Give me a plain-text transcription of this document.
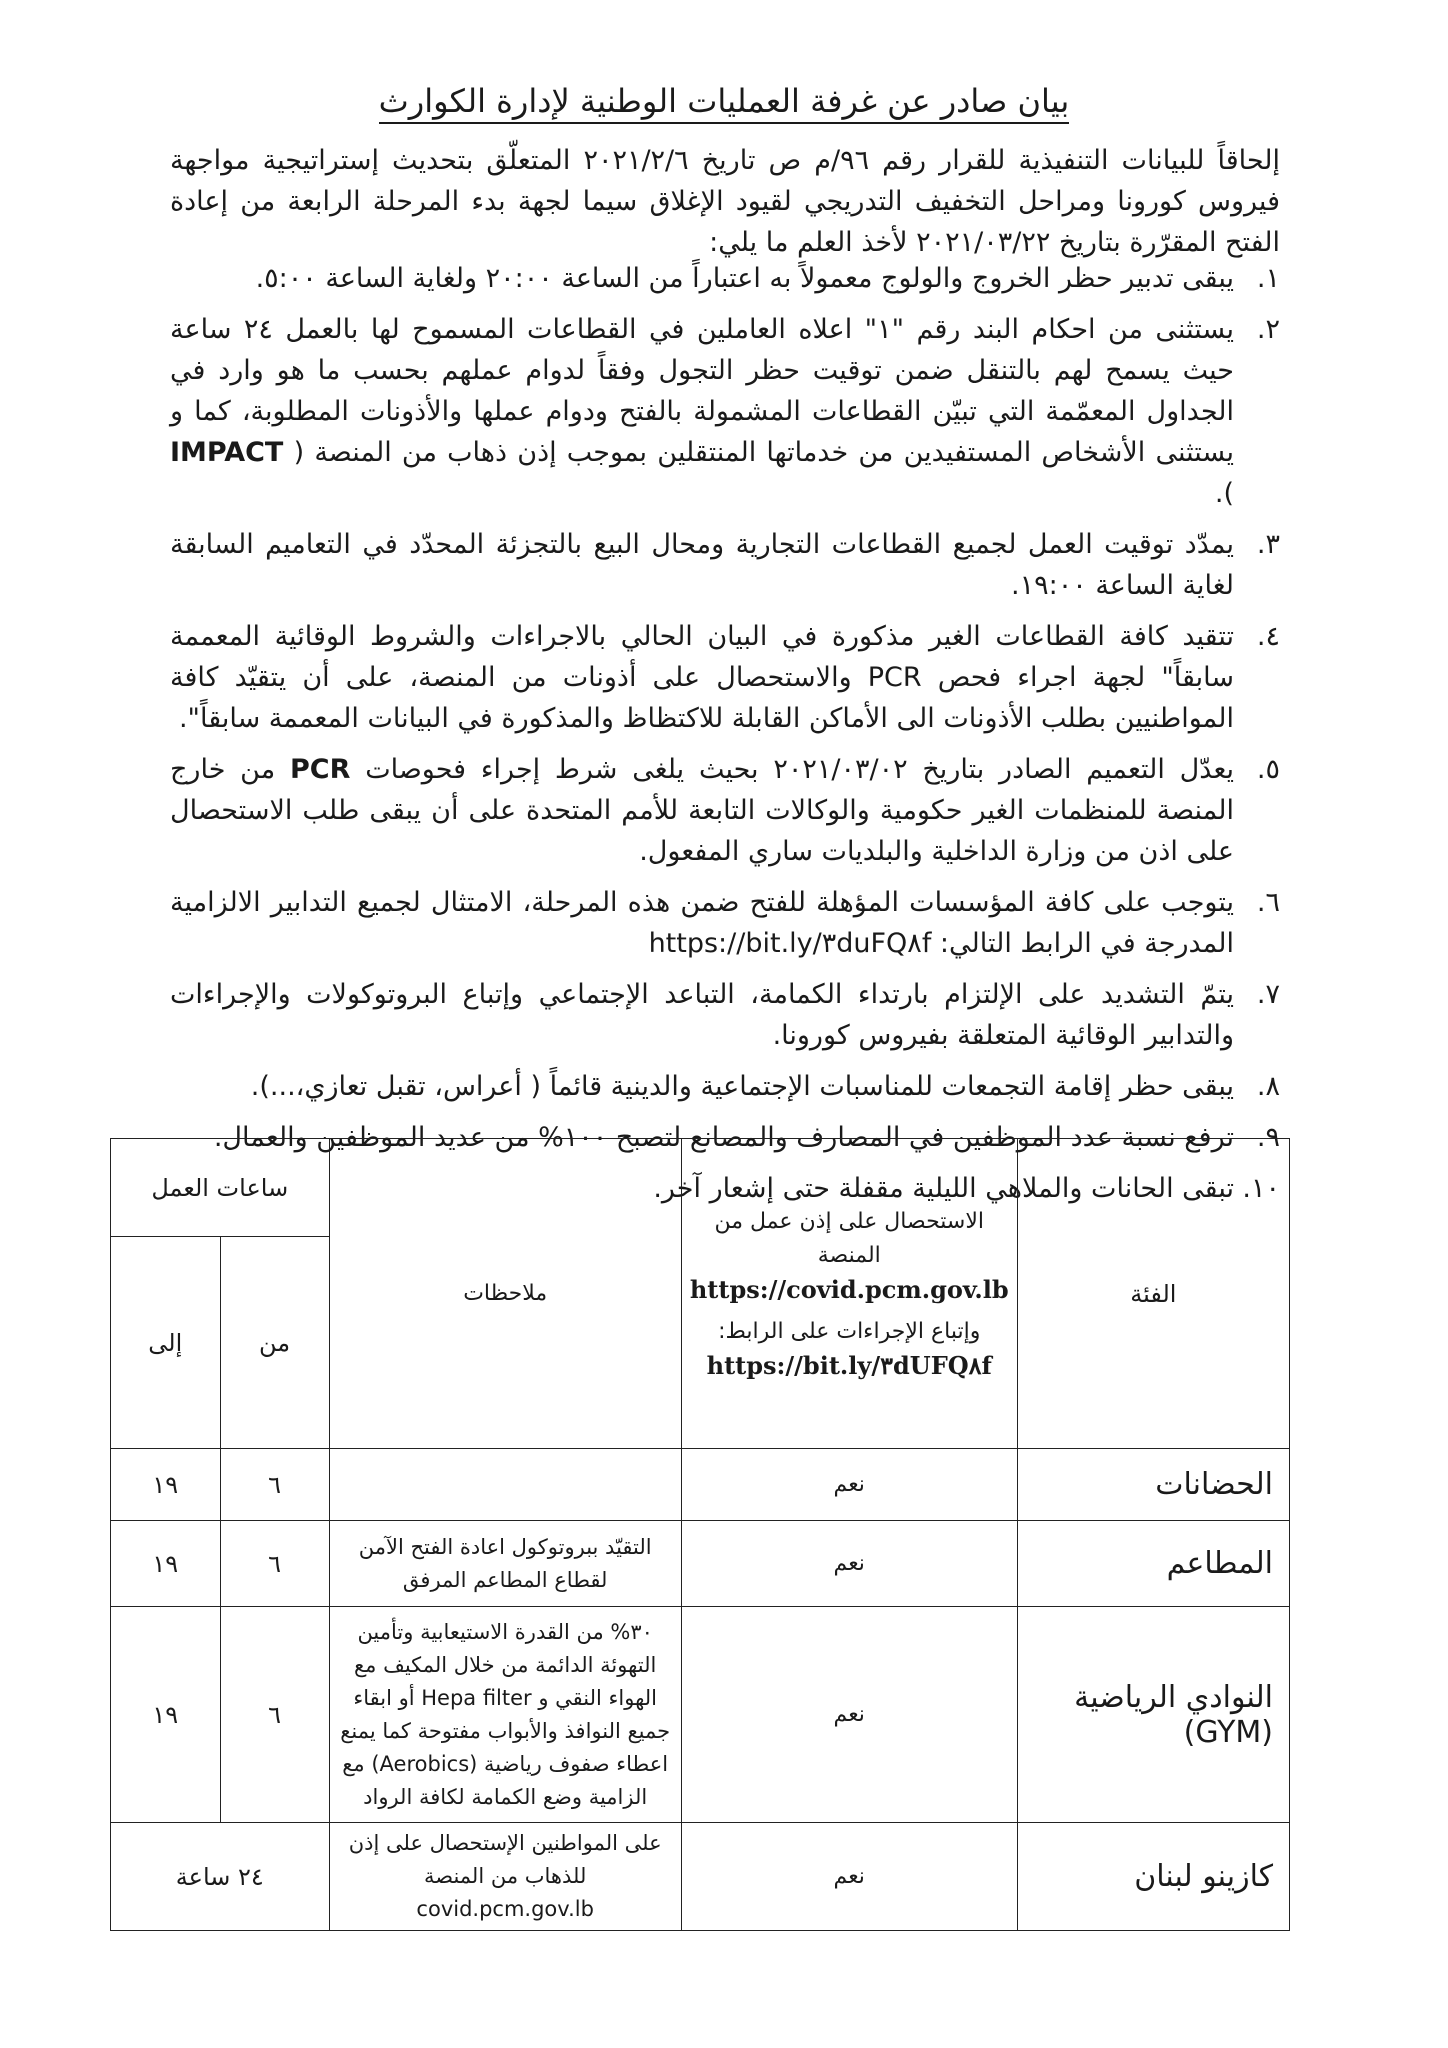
بيان صادر عن غرفة العمليات الوطنية لإدارة الكوارث
إلحاقاً للبيانات التنفيذية للقرار رقم ٩٦/م ص تاريخ ٢٠٢١/٢/٦ المتعلّق بتحديث إستراتيجية مواجهة فيروس كورونا ومراحل التخفيف التدريجي لقيود الإغلاق سيما لجهة بدء المرحلة الرابعة من إعادة الفتح المقرّرة بتاريخ ٢٠٢١/٠٣/٢٢ لأخذ العلم ما يلي:
١.
يبقى تدبير حظر الخروج والولوج معمولاً به اعتباراً من الساعة ٢٠:٠٠ ولغاية الساعة ٥:٠٠.
٢.
يستثنى من احكام البند رقم "١" اعلاه العاملين في القطاعات المسموح لها بالعمل ٢٤ ساعة حيث يسمح لهم بالتنقل ضمن توقيت حظر التجول وفقاً لدوام عملهم بحسب ما هو وارد في الجداول المعمّمة التي تبيّن القطاعات المشمولة بالفتح ودوام عملها والأذونات المطلوبة، كما و يستثنى الأشخاص المستفيدين من خدماتها المنتقلين بموجب إذن ذهاب من المنصة ( IMPACT ).
٣.
يمدّد توقيت العمل لجميع القطاعات التجارية ومحال البيع بالتجزئة المحدّد في التعاميم السابقة لغاية الساعة ١٩:٠٠.
٤.
تتقيد كافة القطاعات الغير مذكورة في البيان الحالي بالاجراءات والشروط الوقائية المعممة سابقاً" لجهة اجراء فحص PCR والاستحصال على أذونات من المنصة، على أن يتقيّد كافة المواطنيين بطلب الأذونات الى الأماكن القابلة للاكتظاظ والمذكورة في البيانات المعممة سابقاً".
٥.
يعدّل التعميم الصادر بتاريخ ٢٠٢١/٠٣/٠٢ بحيث يلغى شرط إجراء فحوصات PCR من خارج المنصة للمنظمات الغير حكومية والوكالات التابعة للأمم المتحدة على أن يبقى طلب الاستحصال على اذن من وزارة الداخلية والبلديات ساري المفعول.
٦.
يتوجب على كافة المؤسسات المؤهلة للفتح ضمن هذه المرحلة، الامتثال لجميع التدابير الالزامية المدرجة في الرابط التالي: https://bit.ly/٣duFQ٨f
٧.
يتمّ التشديد على الإلتزام بارتداء الكمامة، التباعد الإجتماعي وإتباع البروتوكولات والإجراءات والتدابير الوقائية المتعلقة بفيروس كورونا.
٨.
يبقى حظر إقامة التجمعات للمناسبات الإجتماعية والدينية قائماً ( أعراس، تقبل تعازي،...).
٩.
ترفع نسبة عدد الموظفين في المصارف والمصانع لتصبح ١٠٠% من عديد الموظفين والعمال.
١٠.
تبقى الحانات والملاهي الليلية مقفلة حتى إشعار آخر.
الفئة	الاستحصال على إذن عمل من المنصة
https://covid.pcm.gov.lb
وإتباع الإجراءات على الرابط:
https://bit.ly/٣dUFQ٨f	ملاحظات	ساعات العمل	
			من	إلى
الحضانات	نعم		٦	١٩
المطاعم	نعم	التقيّد ببروتوكول اعادة الفتح الآمن لقطاع المطاعم المرفق	٦	١٩
النوادي الرياضية (GYM)	نعم	٣٠% من القدرة الاستيعابية وتأمين التهوئة الدائمة من خلال المكيف مع الهواء النقي و Hepa filter أو ابقاء جميع النوافذ والأبواب مفتوحة كما يمنع اعطاء صفوف رياضية (Aerobics) مع الزامية وضع الكمامة لكافة الرواد	٦	١٩
كازينو لبنان	نعم	على المواطنين الإستحصال على إذن للذهاب من المنصة covid.pcm.gov.lb	٢٤ ساعة	
